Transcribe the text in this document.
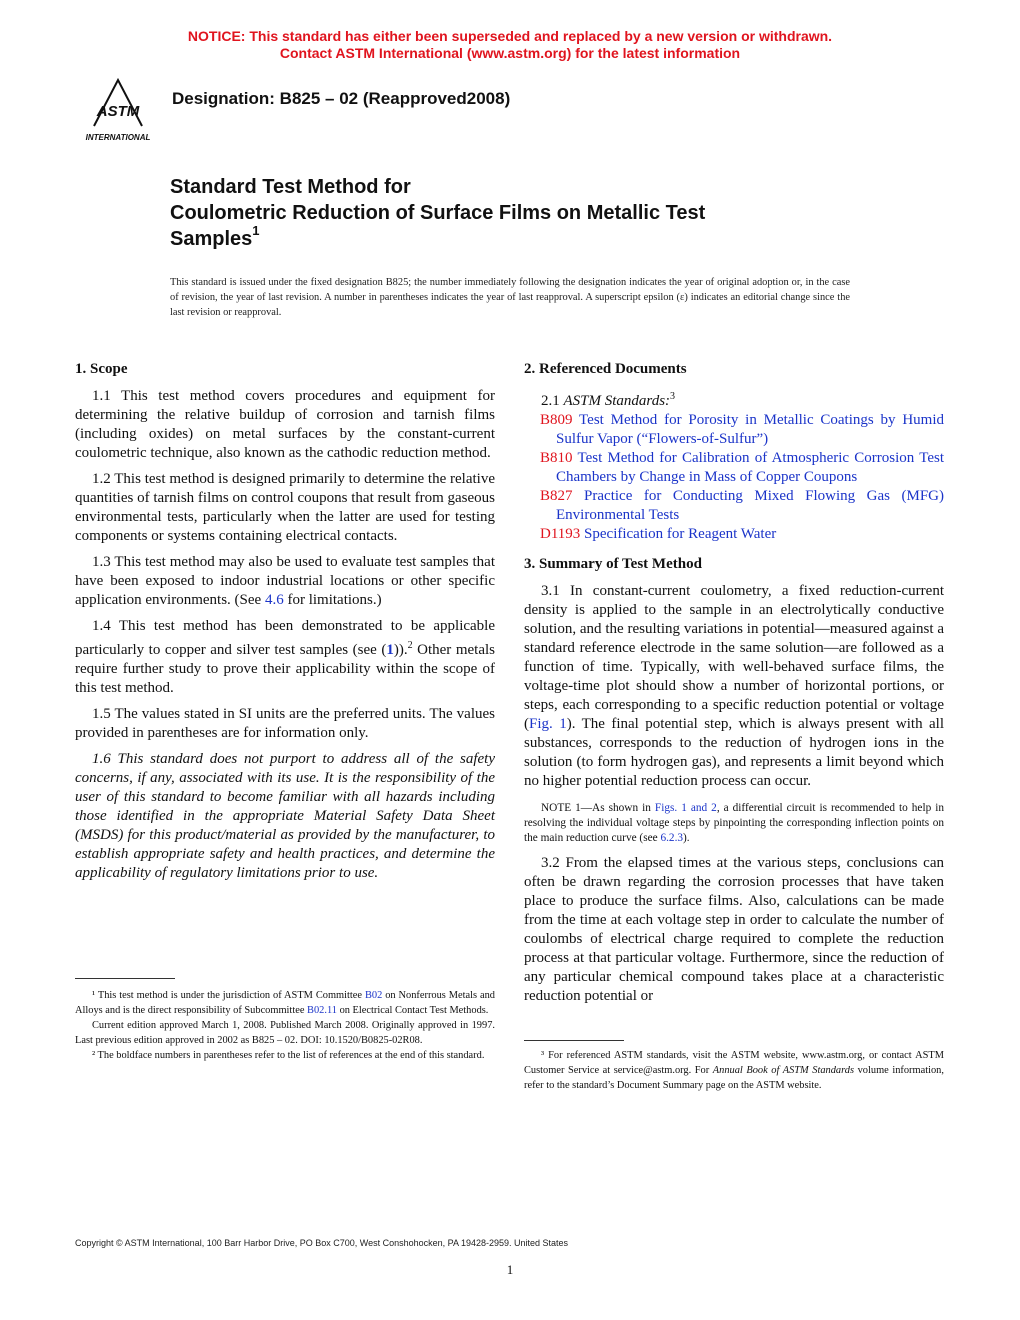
NOTICE: This standard has either been superseded and replaced by a new version or withdrawn.
Contact ASTM International (www.astm.org) for the latest information
ASTM
INTERNATIONAL
Designation: B825 – 02 (Reapproved2008)
Standard Test Method for
Coulometric Reduction of Surface Films on Metallic Test
Samples$^1$
This standard is issued under the fixed designation B825; the number immediately following the designation indicates the year of original adoption or, in the case of revision, the year of last revision. A number in parentheses indicates the year of last reapproval. A superscript epsilon (ε) indicates an editorial change since the last revision or reapproval.
1. Scope

1.1 This test method covers procedures and equipment for determining the relative buildup of corrosion and tarnish films (including oxides) on metal surfaces by the constant-current coulometric technique, also known as the cathodic reduction method.

1.2 This test method is designed primarily to determine the relative quantities of tarnish films on control coupons that result from gaseous environmental tests, particularly when the latter are used for testing components or systems containing electrical contacts.

1.3 This test method may also be used to evaluate test samples that have been exposed to indoor industrial locations or other specific application environments. (See 4.6 for limitations.)

1.4 This test method has been demonstrated to be applicable particularly to copper and silver test samples (see (1)).$^2$ Other metals require further study to prove their applicability within the scope of this test method.

1.5 The values stated in SI units are the preferred units. The values provided in parentheses are for information only.

1.6 This standard does not purport to address all of the safety concerns, if any, associated with its use. It is the responsibility of the user of this standard to become familiar with all hazards including those identified in the appropriate Material Safety Data Sheet (MSDS) for this product/material as provided by the manufacturer, to establish appropriate safety and health practices, and determine the applicability of regulatory limitations prior to use.

¹ This test method is under the jurisdiction of ASTM Committee B02 on Nonferrous Metals and Alloys and is the direct responsibility of Subcommittee B02.11 on Electrical Contact Test Methods.

Current edition approved March 1, 2008. Published March 2008. Originally approved in 1997. Last previous edition approved in 2002 as B825 – 02. DOI: 10.1520/B0825-02R08.

² The boldface numbers in parentheses refer to the list of references at the end of this standard.

2. Referenced Documents

2.1 ASTM Standards:$^3$

B809 Test Method for Porosity in Metallic Coatings by Humid Sulfur Vapor (“Flowers-of-Sulfur”)
B810 Test Method for Calibration of Atmospheric Corrosion Test Chambers by Change in Mass of Copper Coupons
B827 Practice for Conducting Mixed Flowing Gas (MFG) Environmental Tests
D1193 Specification for Reagent Water
3. Summary of Test Method

3.1 In constant-current coulometry, a fixed reduction-current density is applied to the sample in an electrolytically conductive solution, and the resulting variations in potential—measured against a standard reference electrode in the same solution—are followed as a function of time. Typically, with well-behaved surface films, the voltage-time plot should show a number of horizontal portions, or steps, each corresponding to a specific reduction potential or voltage (Fig. 1). The final potential step, which is always present with all substances, corresponds to the reduction of hydrogen ions in the solution (to form hydrogen gas), and represents a limit beyond which no higher potential reduction process can occur.

NOTE 1—As shown in Figs. 1 and 2, a differential circuit is recommended to help in resolving the individual voltage steps by pinpointing the corresponding inflection points on the main reduction curve (see 6.2.3).

3.2 From the elapsed times at the various steps, conclusions can often be drawn regarding the corrosion processes that have taken place to produce the surface films. Also, calculations can be made from the time at each voltage step in order to calculate the number of coulombs of electrical charge required to complete the reduction process at that particular voltage. Furthermore, since the reduction of any particular chemical compound takes place at a characteristic reduction potential or

³ For referenced ASTM standards, visit the ASTM website, www.astm.org, or contact ASTM Customer Service at service@astm.org. For Annual Book of ASTM Standards volume information, refer to the standard’s Document Summary page on the ASTM website.

Copyright © ASTM International, 100 Barr Harbor Drive, PO Box C700, West Conshohocken, PA 19428-2959. United States
1
